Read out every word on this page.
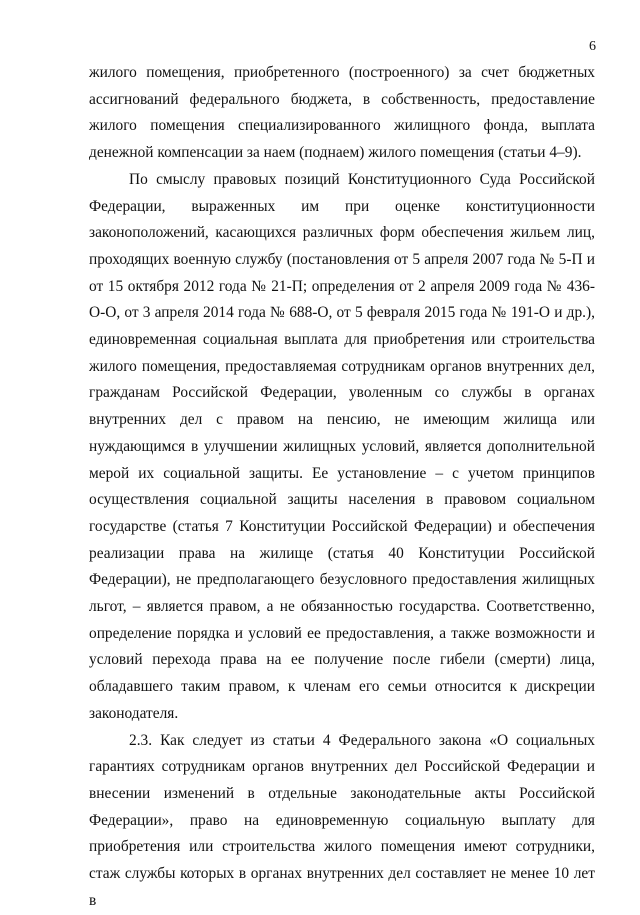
6

жилого помещения, приобретенного (построенного) за счет бюджетных ассигнований федерального бюджета, в собственность, предоставление жилого помещения специализированного жилищного фонда, выплата денежной компенсации за наем (поднаем) жилого помещения (статьи 4–9).

По смыслу правовых позиций Конституционного Суда Российской Федерации, выраженных им при оценке конституционности законоположений, касающихся различных форм обеспечения жильем лиц, проходящих военную службу (постановления от 5 апреля 2007 года № 5-П и от 15 октября 2012 года № 21-П; определения от 2 апреля 2009 года № 436-О-О, от 3 апреля 2014 года № 688-О, от 5 февраля 2015 года № 191-О и др.), единовременная социальная выплата для приобретения или строительства жилого помещения, предоставляемая сотрудникам органов внутренних дел, гражданам Российской Федерации, уволенным со службы в органах внутренних дел с правом на пенсию, не имеющим жилища или нуждающимся в улучшении жилищных условий, является дополнительной мерой их социальной защиты. Ее установление – с учетом принципов осуществления социальной защиты населения в правовом социальном государстве (статья 7 Конституции Российской Федерации) и обеспечения реализации права на жилище (статья 40 Конституции Российской Федерации), не предполагающего безусловного предоставления жилищных льгот, – является правом, а не обязанностью государства. Соответственно, определение порядка и условий ее предоставления, а также возможности и условий перехода права на ее получение после гибели (смерти) лица, обладавшего таким правом, к членам его семьи относится к дискреции законодателя.

2.3. Как следует из статьи 4 Федерального закона «О социальных гарантиях сотрудникам органов внутренних дел Российской Федерации и внесении изменений в отдельные законодательные акты Российской Федерации», право на единовременную социальную выплату для приобретения или строительства жилого помещения имеют сотрудники, стаж службы которых в органах внутренних дел составляет не менее 10 лет в
